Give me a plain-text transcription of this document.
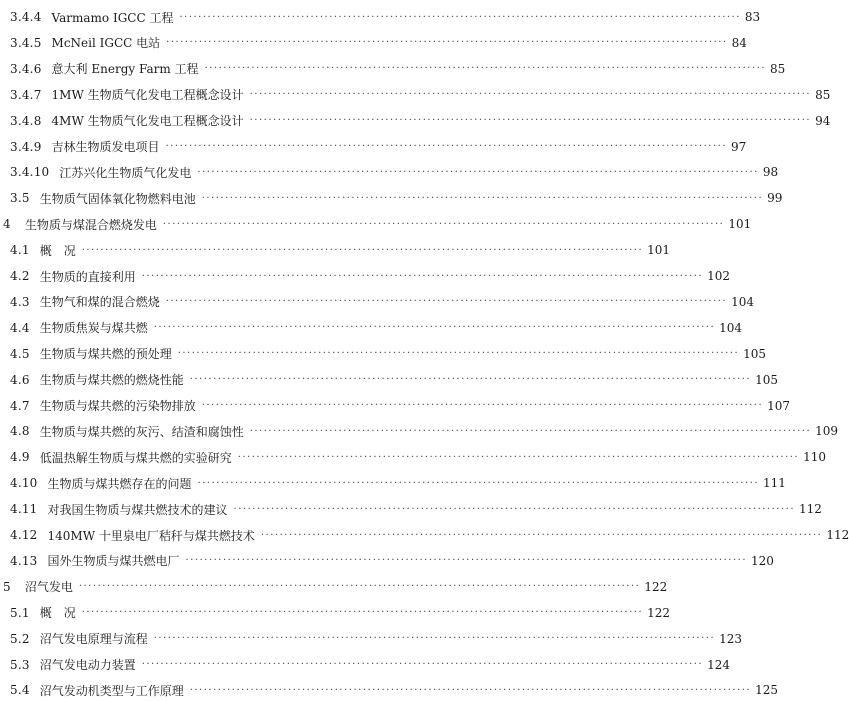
3.4.4 Varmamo IGCC 工程 ························································································································ 83
3.4.5 McNeil IGCC 电站 ························································································································ 84
3.4.6 意大利 Energy Farm 工程 ························································································································ 85
3.4.7 1MW 生物质气化发电工程概念设计 ························································································································ 85
3.4.8 4MW 生物质气化发电工程概念设计 ························································································································ 94
3.4.9 吉林生物质发电项目 ························································································································ 97
3.4.10 江苏兴化生物质气化发电 ························································································································ 98
3.5 生物质气固体氧化物燃料电池 ························································································································ 99
4 生物质与煤混合燃烧发电 ························································································································ 101
4.1 概　况 ························································································································ 101
4.2 生物质的直接利用 ························································································································ 102
4.3 生物气和煤的混合燃烧 ························································································································ 104
4.4 生物质焦炭与煤共燃 ························································································································ 104
4.5 生物质与煤共燃的预处理 ························································································································ 105
4.6 生物质与煤共燃的燃烧性能 ························································································································ 105
4.7 生物质与煤共燃的污染物排放 ························································································································ 107
4.8 生物质与煤共燃的灰污、结渣和腐蚀性 ························································································································ 109
4.9 低温热解生物质与煤共燃的实验研究 ························································································································ 110
4.10 生物质与煤共燃存在的问题 ························································································································ 111
4.11 对我国生物质与煤共燃技术的建议 ························································································································ 112
4.12 140MW 十里泉电厂秸秆与煤共燃技术 ························································································································ 112
4.13 国外生物质与煤共燃电厂 ························································································································ 120
5 沼气发电 ························································································································ 122
5.1 概　况 ························································································································ 122
5.2 沼气发电原理与流程 ························································································································ 123
5.3 沼气发电动力装置 ························································································································ 124
5.4 沼气发动机类型与工作原理 ························································································································ 125
